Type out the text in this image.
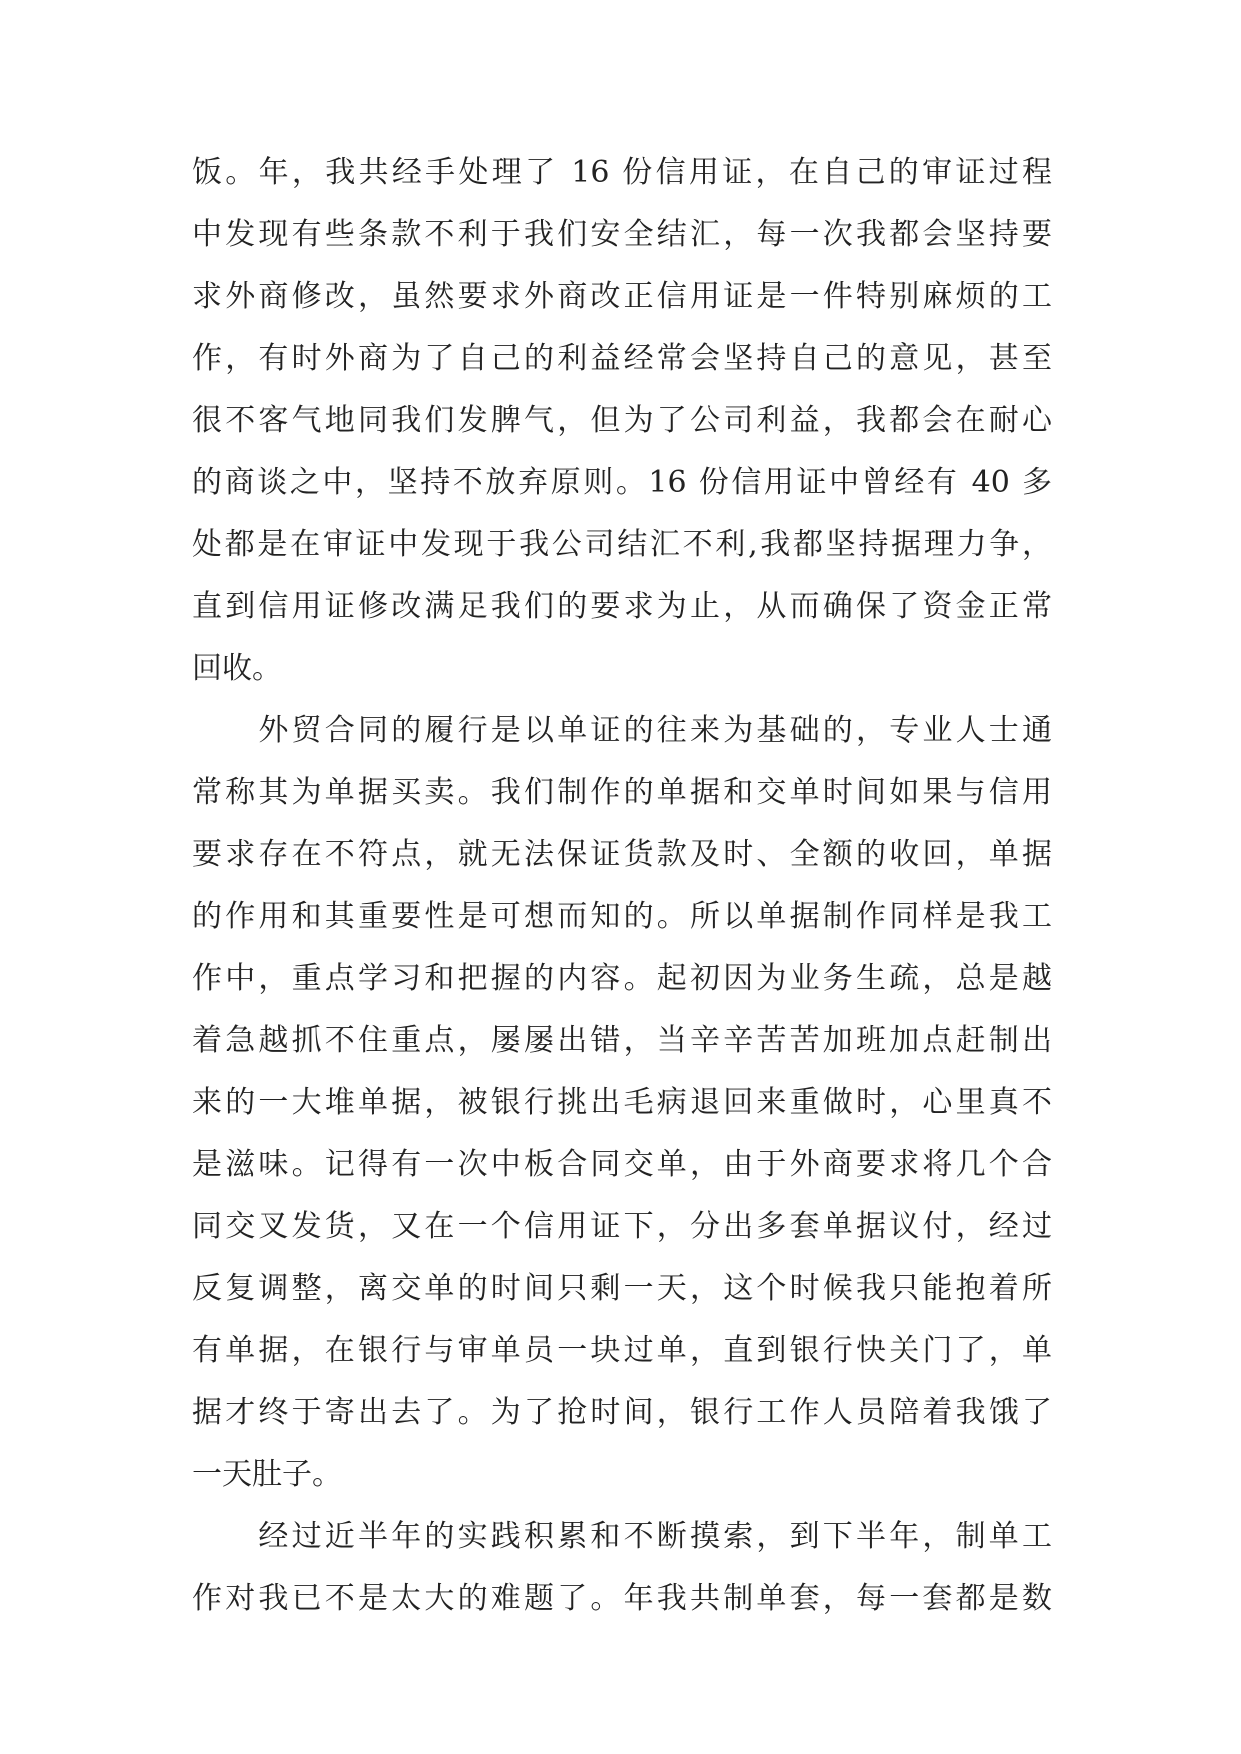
饭。年，我共经手处理了 16 份信用证，在自己的审证过程
中发现有些条款不利于我们安全结汇，每一次我都会坚持要
求外商修改，虽然要求外商改正信用证是一件特别麻烦的工
作，有时外商为了自己的利益经常会坚持自己的意见，甚至
很不客气地同我们发脾气，但为了公司利益，我都会在耐心
的商谈之中，坚持不放弃原则。16 份信用证中曾经有 40 多
处都是在审证中发现于我公司结汇不利,我都坚持据理力争，
直到信用证修改满足我们的要求为止，从而确保了资金正常
回收。
　　外贸合同的履行是以单证的往来为基础的，专业人士通
常称其为单据买卖。我们制作的单据和交单时间如果与信用
要求存在不符点，就无法保证货款及时、全额的收回，单据
的作用和其重要性是可想而知的。所以单据制作同样是我工
作中，重点学习和把握的内容。起初因为业务生疏，总是越
着急越抓不住重点，屡屡出错，当辛辛苦苦加班加点赶制出
来的一大堆单据，被银行挑出毛病退回来重做时，心里真不
是滋味。记得有一次中板合同交单，由于外商要求将几个合
同交叉发货，又在一个信用证下，分出多套单据议付，经过
反复调整，离交单的时间只剩一天，这个时候我只能抱着所
有单据，在银行与审单员一块过单，直到银行快关门了，单
据才终于寄出去了。为了抢时间，银行工作人员陪着我饿了
一天肚子。
　　经过近半年的实践积累和不断摸索，到下半年，制单工
作对我已不是太大的难题了。年我共制单套，每一套都是数
